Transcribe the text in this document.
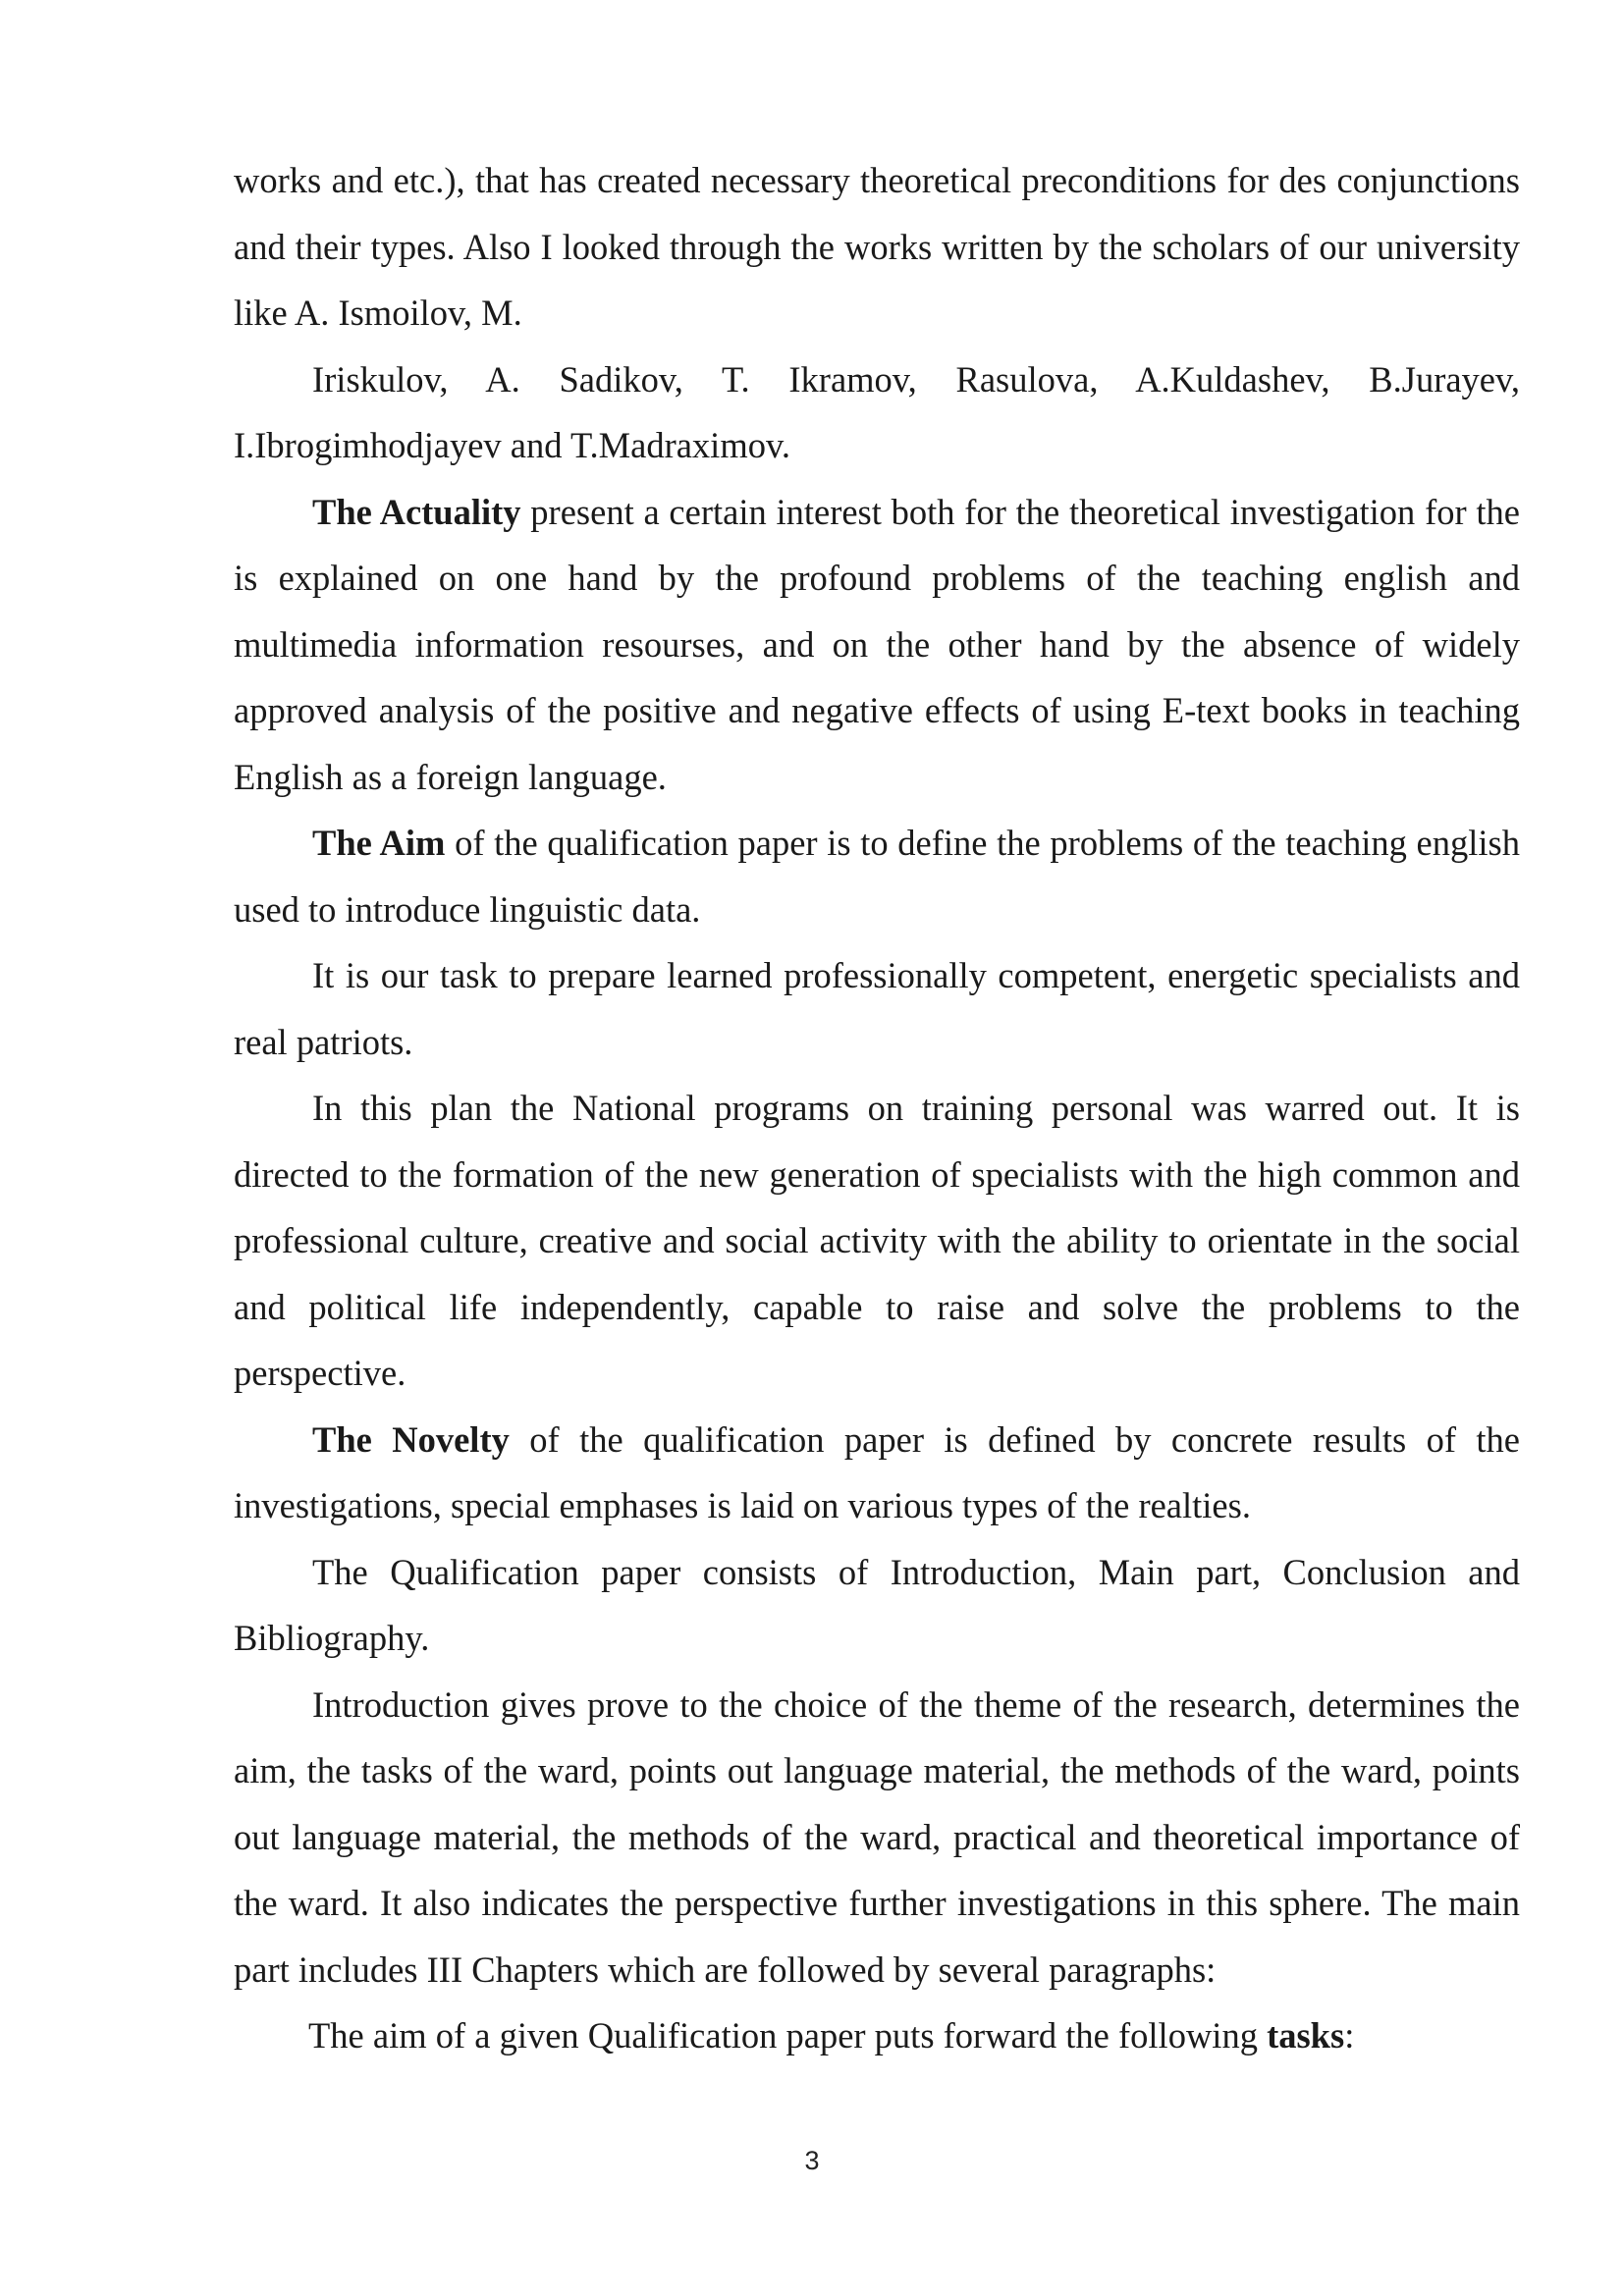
works and etc.), that has created necessary theoretical preconditions for des conjunctions and their types. Also I looked through the works written by the scholars of our university like A. Ismoilov, M.

Iriskulov, A. Sadikov, T. Ikramov, Rasulova, A.Kuldashev, B.Jurayev, I.Ibrogimhodjayev and T.Madraximov.

The Actuality present a certain interest both for the theoretical investigation for the is explained on one hand by the profound problems of the teaching english and multimedia information resourses, and on the other hand by the absence of widely approved analysis of the positive and negative effects of using E-text books in teaching English as a foreign language.

The Aim of the qualification paper is to define the problems of the teaching english used to introduce linguistic data.

It is our task to prepare learned professionally competent, energetic specialists and real patriots.

In this plan the National programs on training personal was warred out. It is directed to the formation of the new generation of specialists with the high common and professional culture, creative and social activity with the ability to orientate in the social and political life independently, capable to raise and solve the problems to the perspective.

The Novelty of the qualification paper is defined by concrete results of the investigations, special emphases is laid on various types of the realties.

The Qualification paper consists of Introduction, Main part, Conclusion and Bibliography.

Introduction gives prove to the choice of the theme of the research, determines the aim, the tasks of the ward, points out language material, the methods of the ward, points out language material, the methods of the ward, practical and theoretical importance of the ward. It also indicates the perspective further investigations in this sphere. The main part includes III Chapters which are followed by several paragraphs:

The aim of a given Qualification paper puts forward the following tasks:

3
